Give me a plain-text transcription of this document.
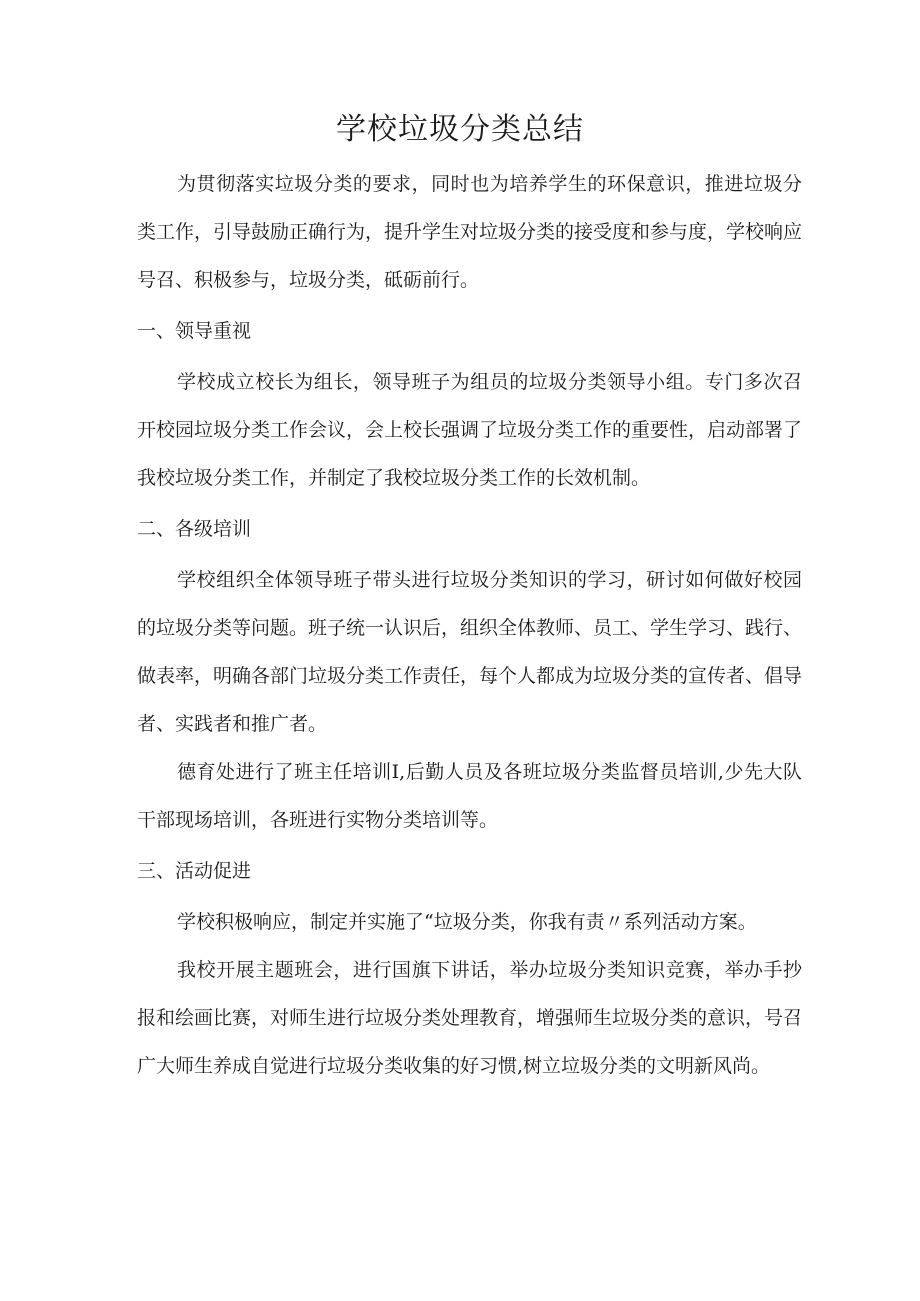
学校垃圾分类总结

为贯彻落实垃圾分类的要求，同时也为培养学生的环保意识，推进垃圾分类工作，引导鼓励正确行为，提升学生对垃圾分类的接受度和参与度，学校响应号召、积极参与，垃圾分类，砥砺前行。

一、领导重视

学校成立校长为组长，领导班子为组员的垃圾分类领导小组。专门多次召开校园垃圾分类工作会议，会上校长强调了垃圾分类工作的重要性，启动部署了我校垃圾分类工作，并制定了我校垃圾分类工作的长效机制。

二、各级培训

学校组织全体领导班子带头进行垃圾分类知识的学习，研讨如何做好校园的垃圾分类等问题。班子统一认识后，组织全体教师、员工、学生学习、践行、做表率，明确各部门垃圾分类工作责任，每个人都成为垃圾分类的宣传者、倡导者、实践者和推广者。

德育处进行了班主任培训I,后勤人员及各班垃圾分类监督员培训,少先大队干部现场培训，各班进行实物分类培训等。

三、活动促进

学校积极响应，制定并实施了“垃圾分类，你我有责〃系列活动方案。

我校开展主题班会，进行国旗下讲话，举办垃圾分类知识竞赛，举办手抄报和绘画比赛，对师生进行垃圾分类处理教育，增强师生垃圾分类的意识，号召广大师生养成自觉进行垃圾分类收集的好习惯,树立垃圾分类的文明新风尚。
